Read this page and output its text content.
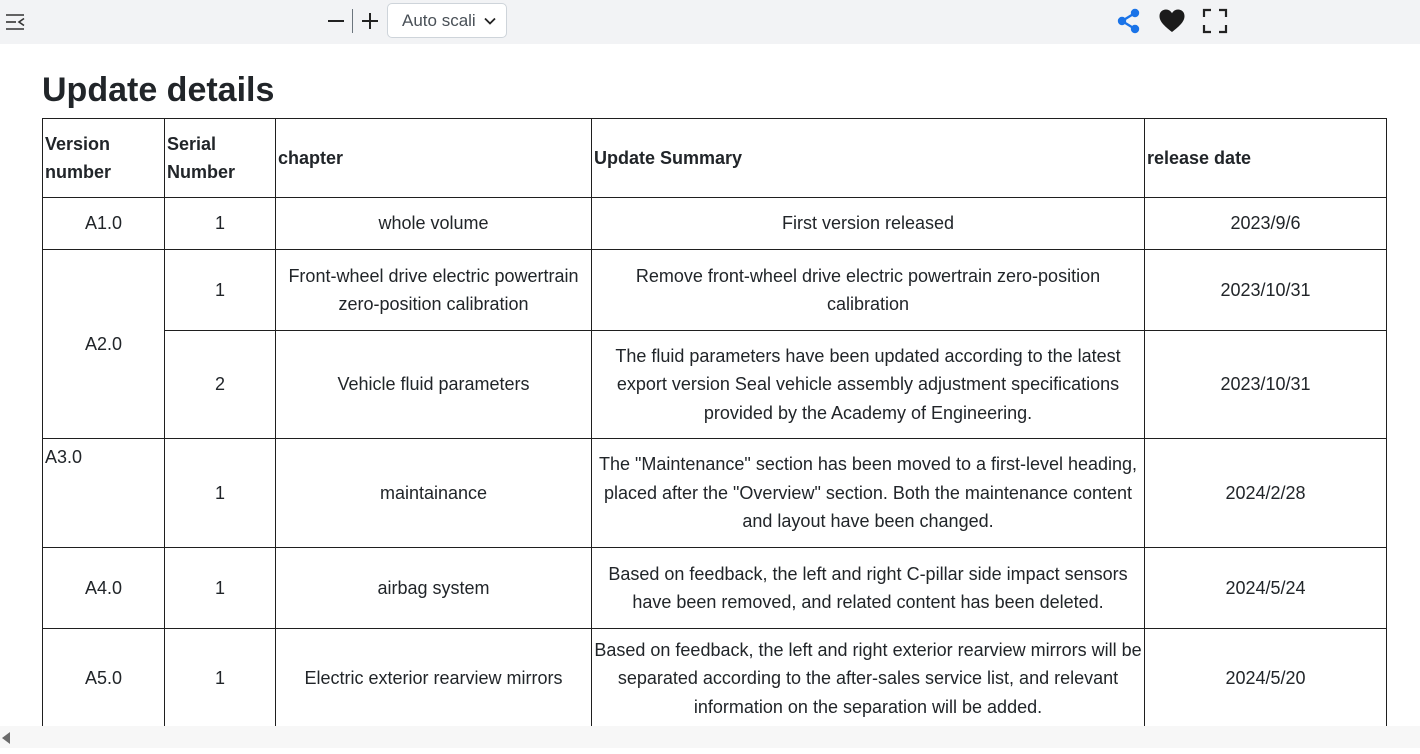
Auto scali
Update details
Version number	Serial Number	chapter	Update Summary	release date
A1.0	1	whole volume	First version released	2023/9/6
A2.0	1	Front-wheel drive electric powertrain zero-position calibration	Remove front-wheel drive electric powertrain zero-position calibration	2023/10/31
	2	Vehicle fluid parameters	The fluid parameters have been updated according to the latest export version Seal vehicle assembly adjustment specifications provided by the Academy of Engineering.	2023/10/31
A3.0	1	maintainance	The "Maintenance" section has been moved to a first-level heading, placed after the "Overview" section. Both the maintenance content and layout have been changed.	2024/2/28
A4.0	1	airbag system	Based on feedback, the left and right C-pillar side impact sensors have been removed, and related content has been deleted.	2024/5/24
A5.0	1	Electric exterior rearview mirrors	Based on feedback, the left and right exterior rearview mirrors will be separated according to the after-sales service list, and relevant information on the separation will be added.	2024/5/20
